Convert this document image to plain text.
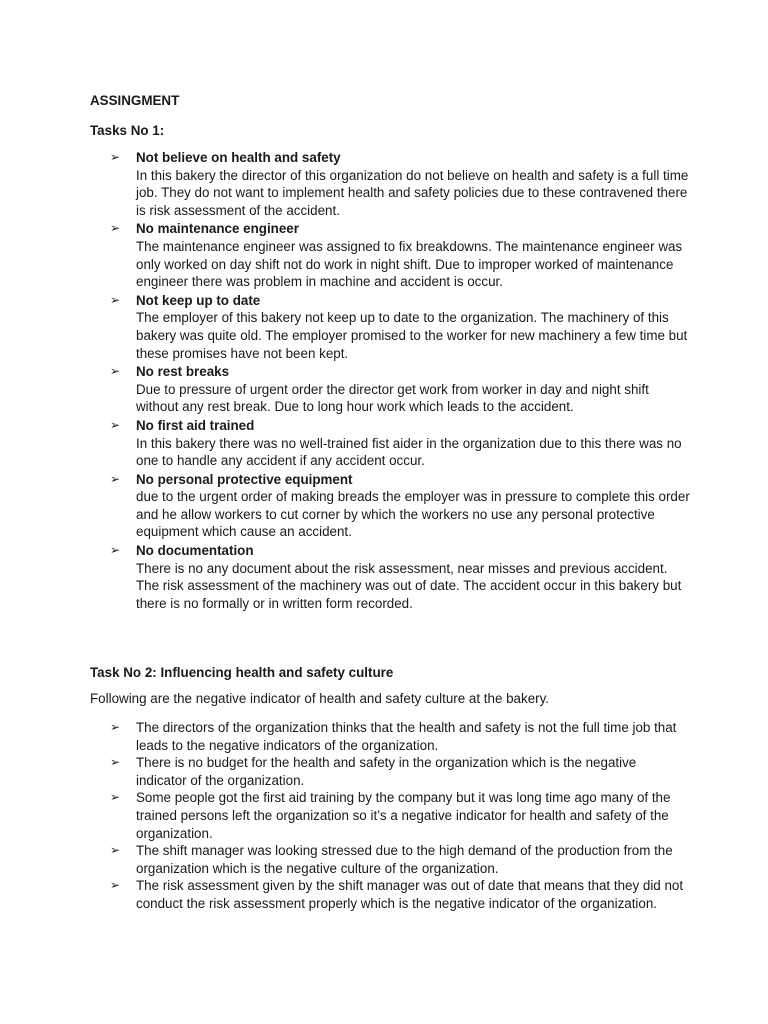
ASSINGMENT

Tasks No 1:

➢ Not believe on health and safety
In this bakery the director of this organization do not believe on health and safety is a full time job. They do not want to implement health and safety policies due to these contravened there is risk assessment of the accident.
➢ No maintenance engineer
The maintenance engineer was assigned to fix breakdowns. The maintenance engineer was only worked on day shift not do work in night shift. Due to improper worked of maintenance engineer there was problem in machine and accident is occur.
➢ Not keep up to date
The employer of this bakery not keep up to date to the organization. The machinery of this bakery was quite old. The employer promised to the worker for new machinery a few time but these promises have not been kept.
➢ No rest breaks
Due to pressure of urgent order the director get work from worker in day and night shift without any rest break. Due to long hour work which leads to the accident.
➢ No first aid trained
In this bakery there was no well-trained fist aider in the organization due to this there was no one to handle any accident if any accident occur.
➢ No personal protective equipment
due to the urgent order of making breads the employer was in pressure to complete this order and he allow workers to cut corner by which the workers no use any personal protective equipment which cause an accident.
➢ No documentation
There is no any document about the risk assessment, near misses and previous accident. The risk assessment of the machinery was out of date. The accident occur in this bakery but there is no formally or in written form recorded.

Task No 2: Influencing health and safety culture

Following are the negative indicator of health and safety culture at the bakery.

➢ The directors of the organization thinks that the health and safety is not the full time job that leads to the negative indicators of the organization.
➢ There is no budget for the health and safety in the organization which is the negative indicator of the organization.
➢ Some people got the first aid training by the company but it was long time ago many of the trained persons left the organization so it’s a negative indicator for health and safety of the organization.
➢ The shift manager was looking stressed due to the high demand of the production from the organization which is the negative culture of the organization.
➢ The risk assessment given by the shift manager was out of date that means that they did not conduct the risk assessment properly which is the negative indicator of the organization.
